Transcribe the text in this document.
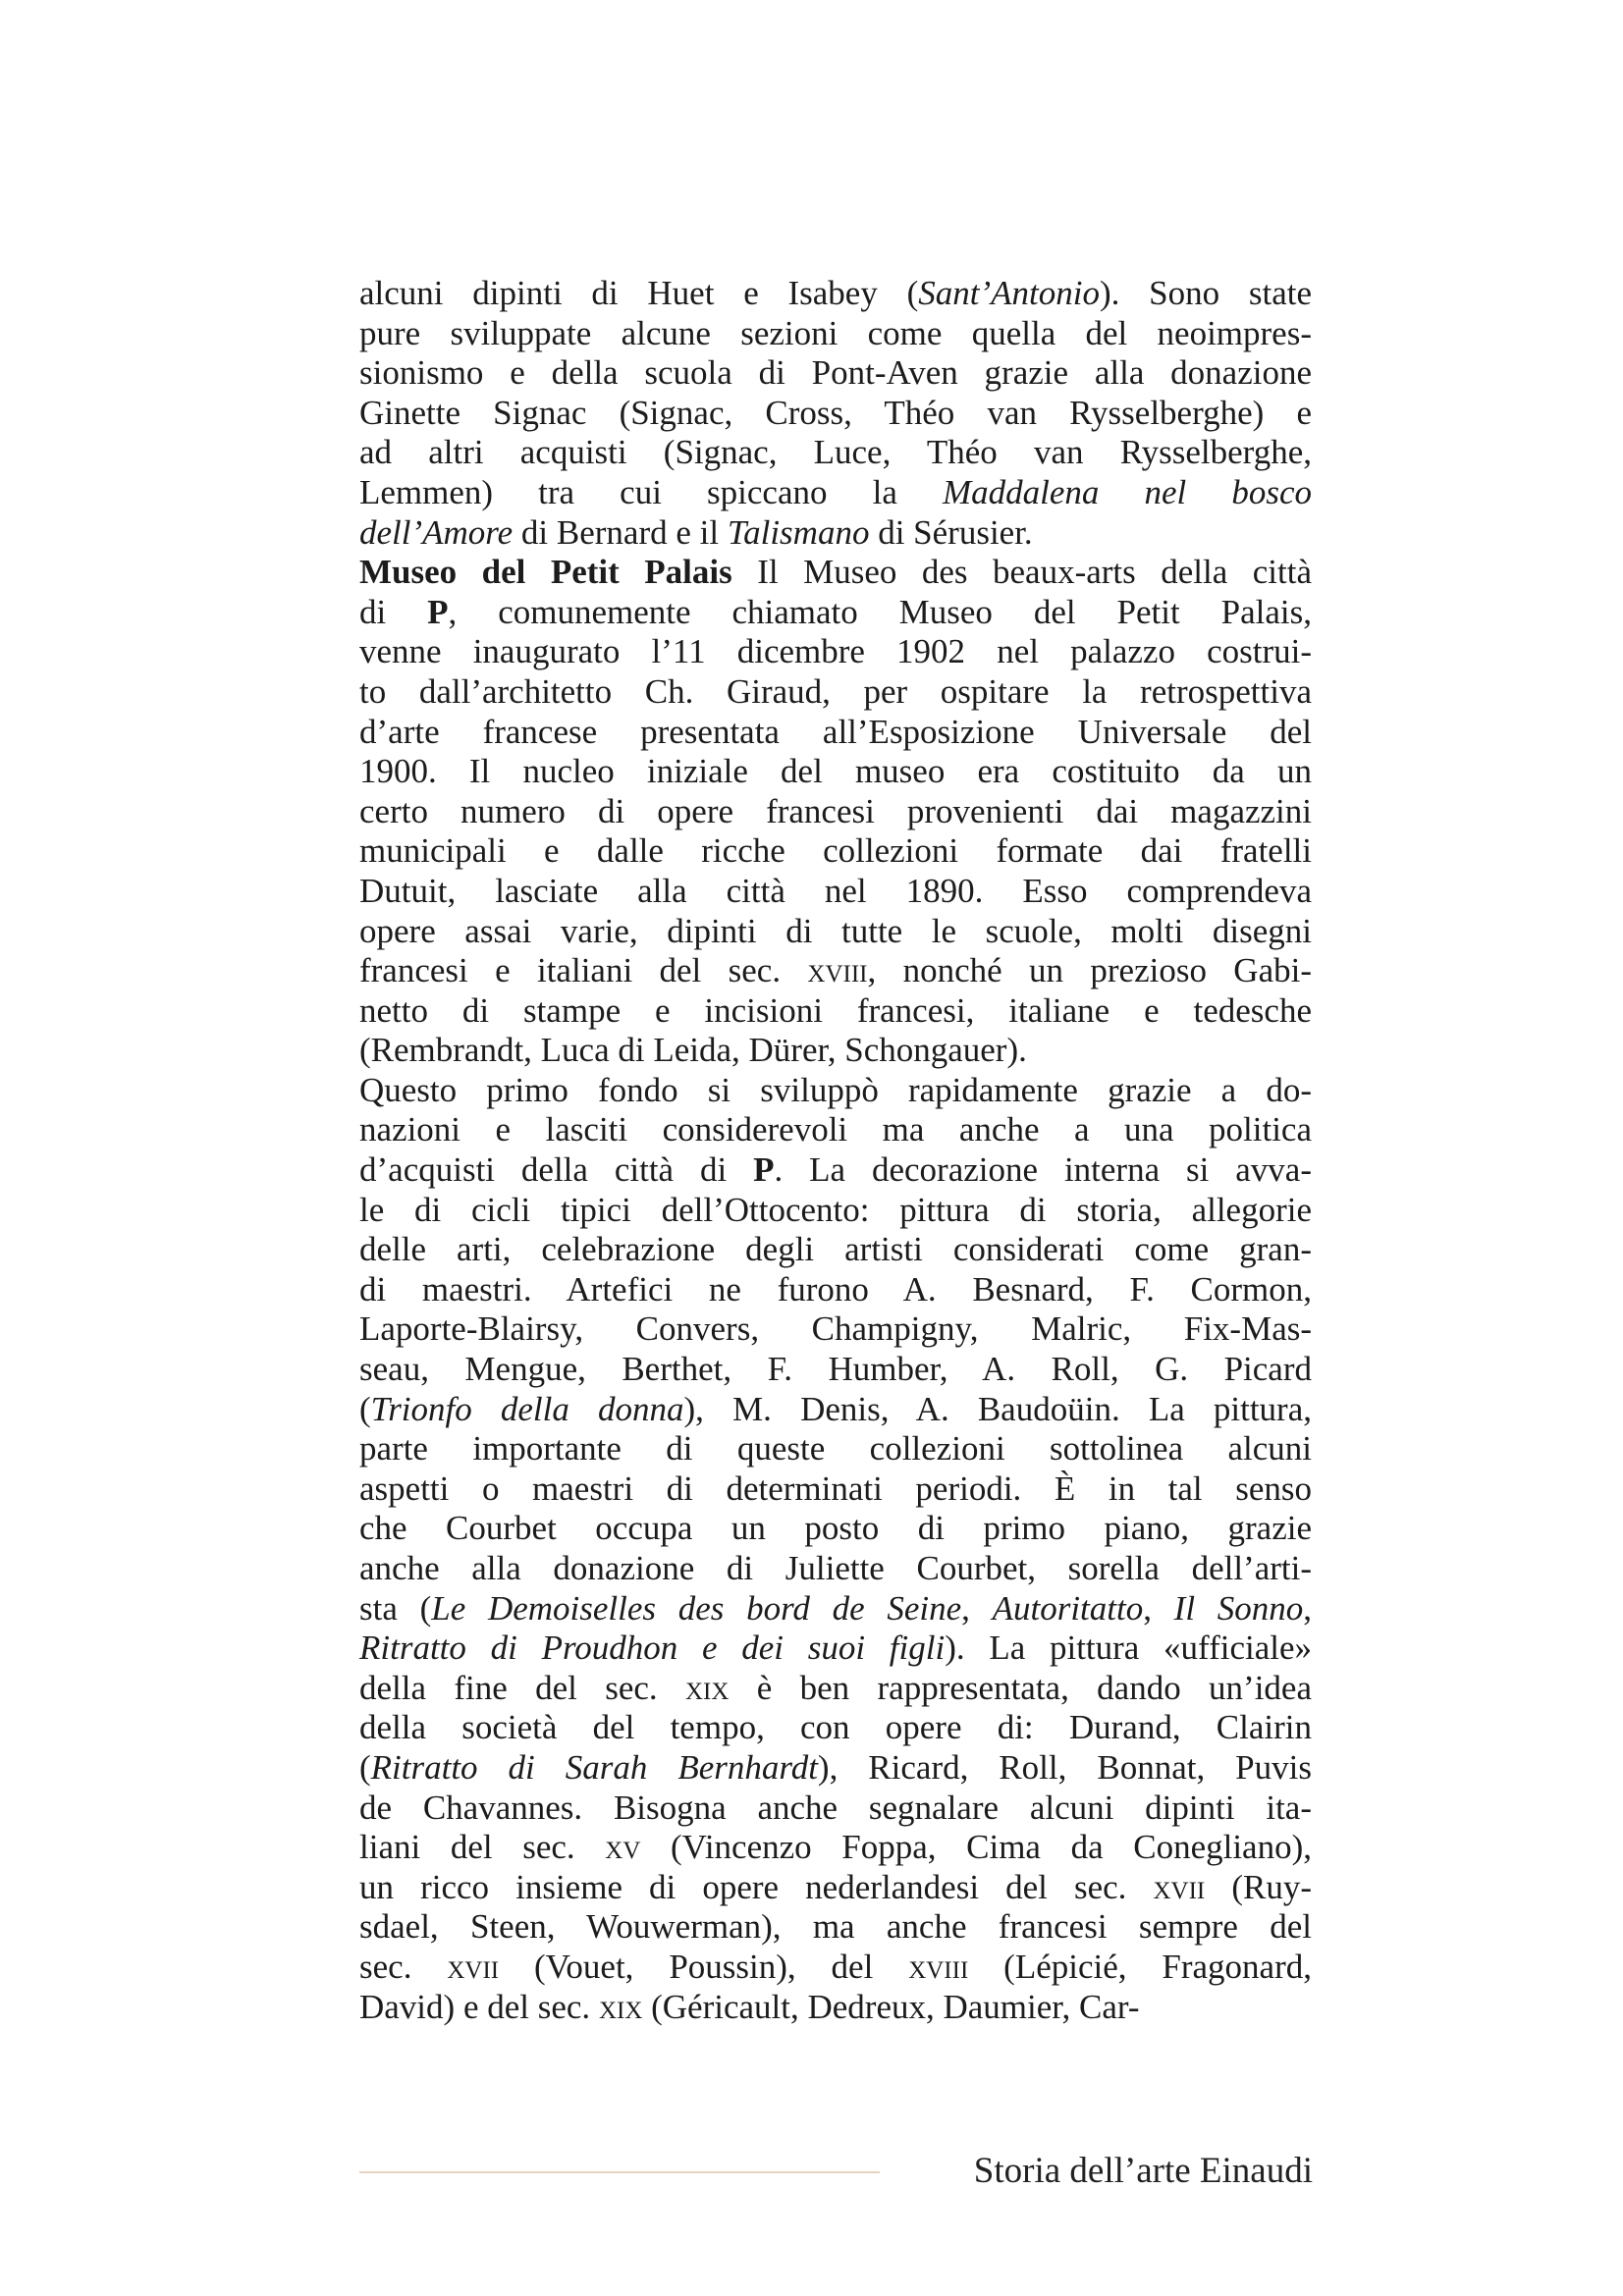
alcuni dipinti di Huet e Isabey (Sant’Antonio). Sono state
pure sviluppate alcune sezioni come quella del neoimpres-
sionismo e della scuola di Pont-Aven grazie alla donazione
Ginette Signac (Signac, Cross, Théo van Rysselberghe) e
ad altri acquisti (Signac, Luce, Théo van Rysselberghe,
Lemmen) tra cui spiccano la Maddalena nel bosco
dell’Amore di Bernard e il Talismano di Sérusier.
Museo del Petit Palais Il Museo des beaux-arts della città
di P, comunemente chiamato Museo del Petit Palais,
venne inaugurato l’11 dicembre 1902 nel palazzo costrui-
to dall’architetto Ch. Giraud, per ospitare la retrospettiva
d’arte francese presentata all’Esposizione Universale del
1900. Il nucleo iniziale del museo era costituito da un
certo numero di opere francesi provenienti dai magazzini
municipali e dalle ricche collezioni formate dai fratelli
Dutuit, lasciate alla città nel 1890. Esso comprendeva
opere assai varie, dipinti di tutte le scuole, molti disegni
francesi e italiani del sec. xviii, nonché un prezioso Gabi-
netto di stampe e incisioni francesi, italiane e tedesche
(Rembrandt, Luca di Leida, Dürer, Schongauer).
Questo primo fondo si sviluppò rapidamente grazie a do-
nazioni e lasciti considerevoli ma anche a una politica
d’acquisti della città di P. La decorazione interna si avva-
le di cicli tipici dell’Ottocento: pittura di storia, allegorie
delle arti, celebrazione degli artisti considerati come gran-
di maestri. Artefici ne furono A. Besnard, F. Cormon,
Laporte-Blairsy, Convers, Champigny, Malric, Fix-Mas-
seau, Mengue, Berthet, F. Humber, A. Roll, G. Picard
(Trionfo della donna), M. Denis, A. Baudoüin. La pittura,
parte importante di queste collezioni sottolinea alcuni
aspetti o maestri di determinati periodi. È in tal senso
che Courbet occupa un posto di primo piano, grazie
anche alla donazione di Juliette Courbet, sorella dell’arti-
sta (Le Demoiselles des bord de Seine, Autoritatto, Il Sonno,
Ritratto di Proudhon e dei suoi figli). La pittura «ufficiale»
della fine del sec. xix è ben rappresentata, dando un’idea
della società del tempo, con opere di: Durand, Clairin
(Ritratto di Sarah Bernhardt), Ricard, Roll, Bonnat, Puvis
de Chavannes. Bisogna anche segnalare alcuni dipinti ita-
liani del sec. xv (Vincenzo Foppa, Cima da Conegliano),
un ricco insieme di opere nederlandesi del sec. xvii (Ruy-
sdael, Steen, Wouwerman), ma anche francesi sempre del
sec. xvii (Vouet, Poussin), del xviii (Lépicié, Fragonard,
David) e del sec. xix (Géricault, Dedreux, Daumier, Car-
Storia dell’arte Einaudi
